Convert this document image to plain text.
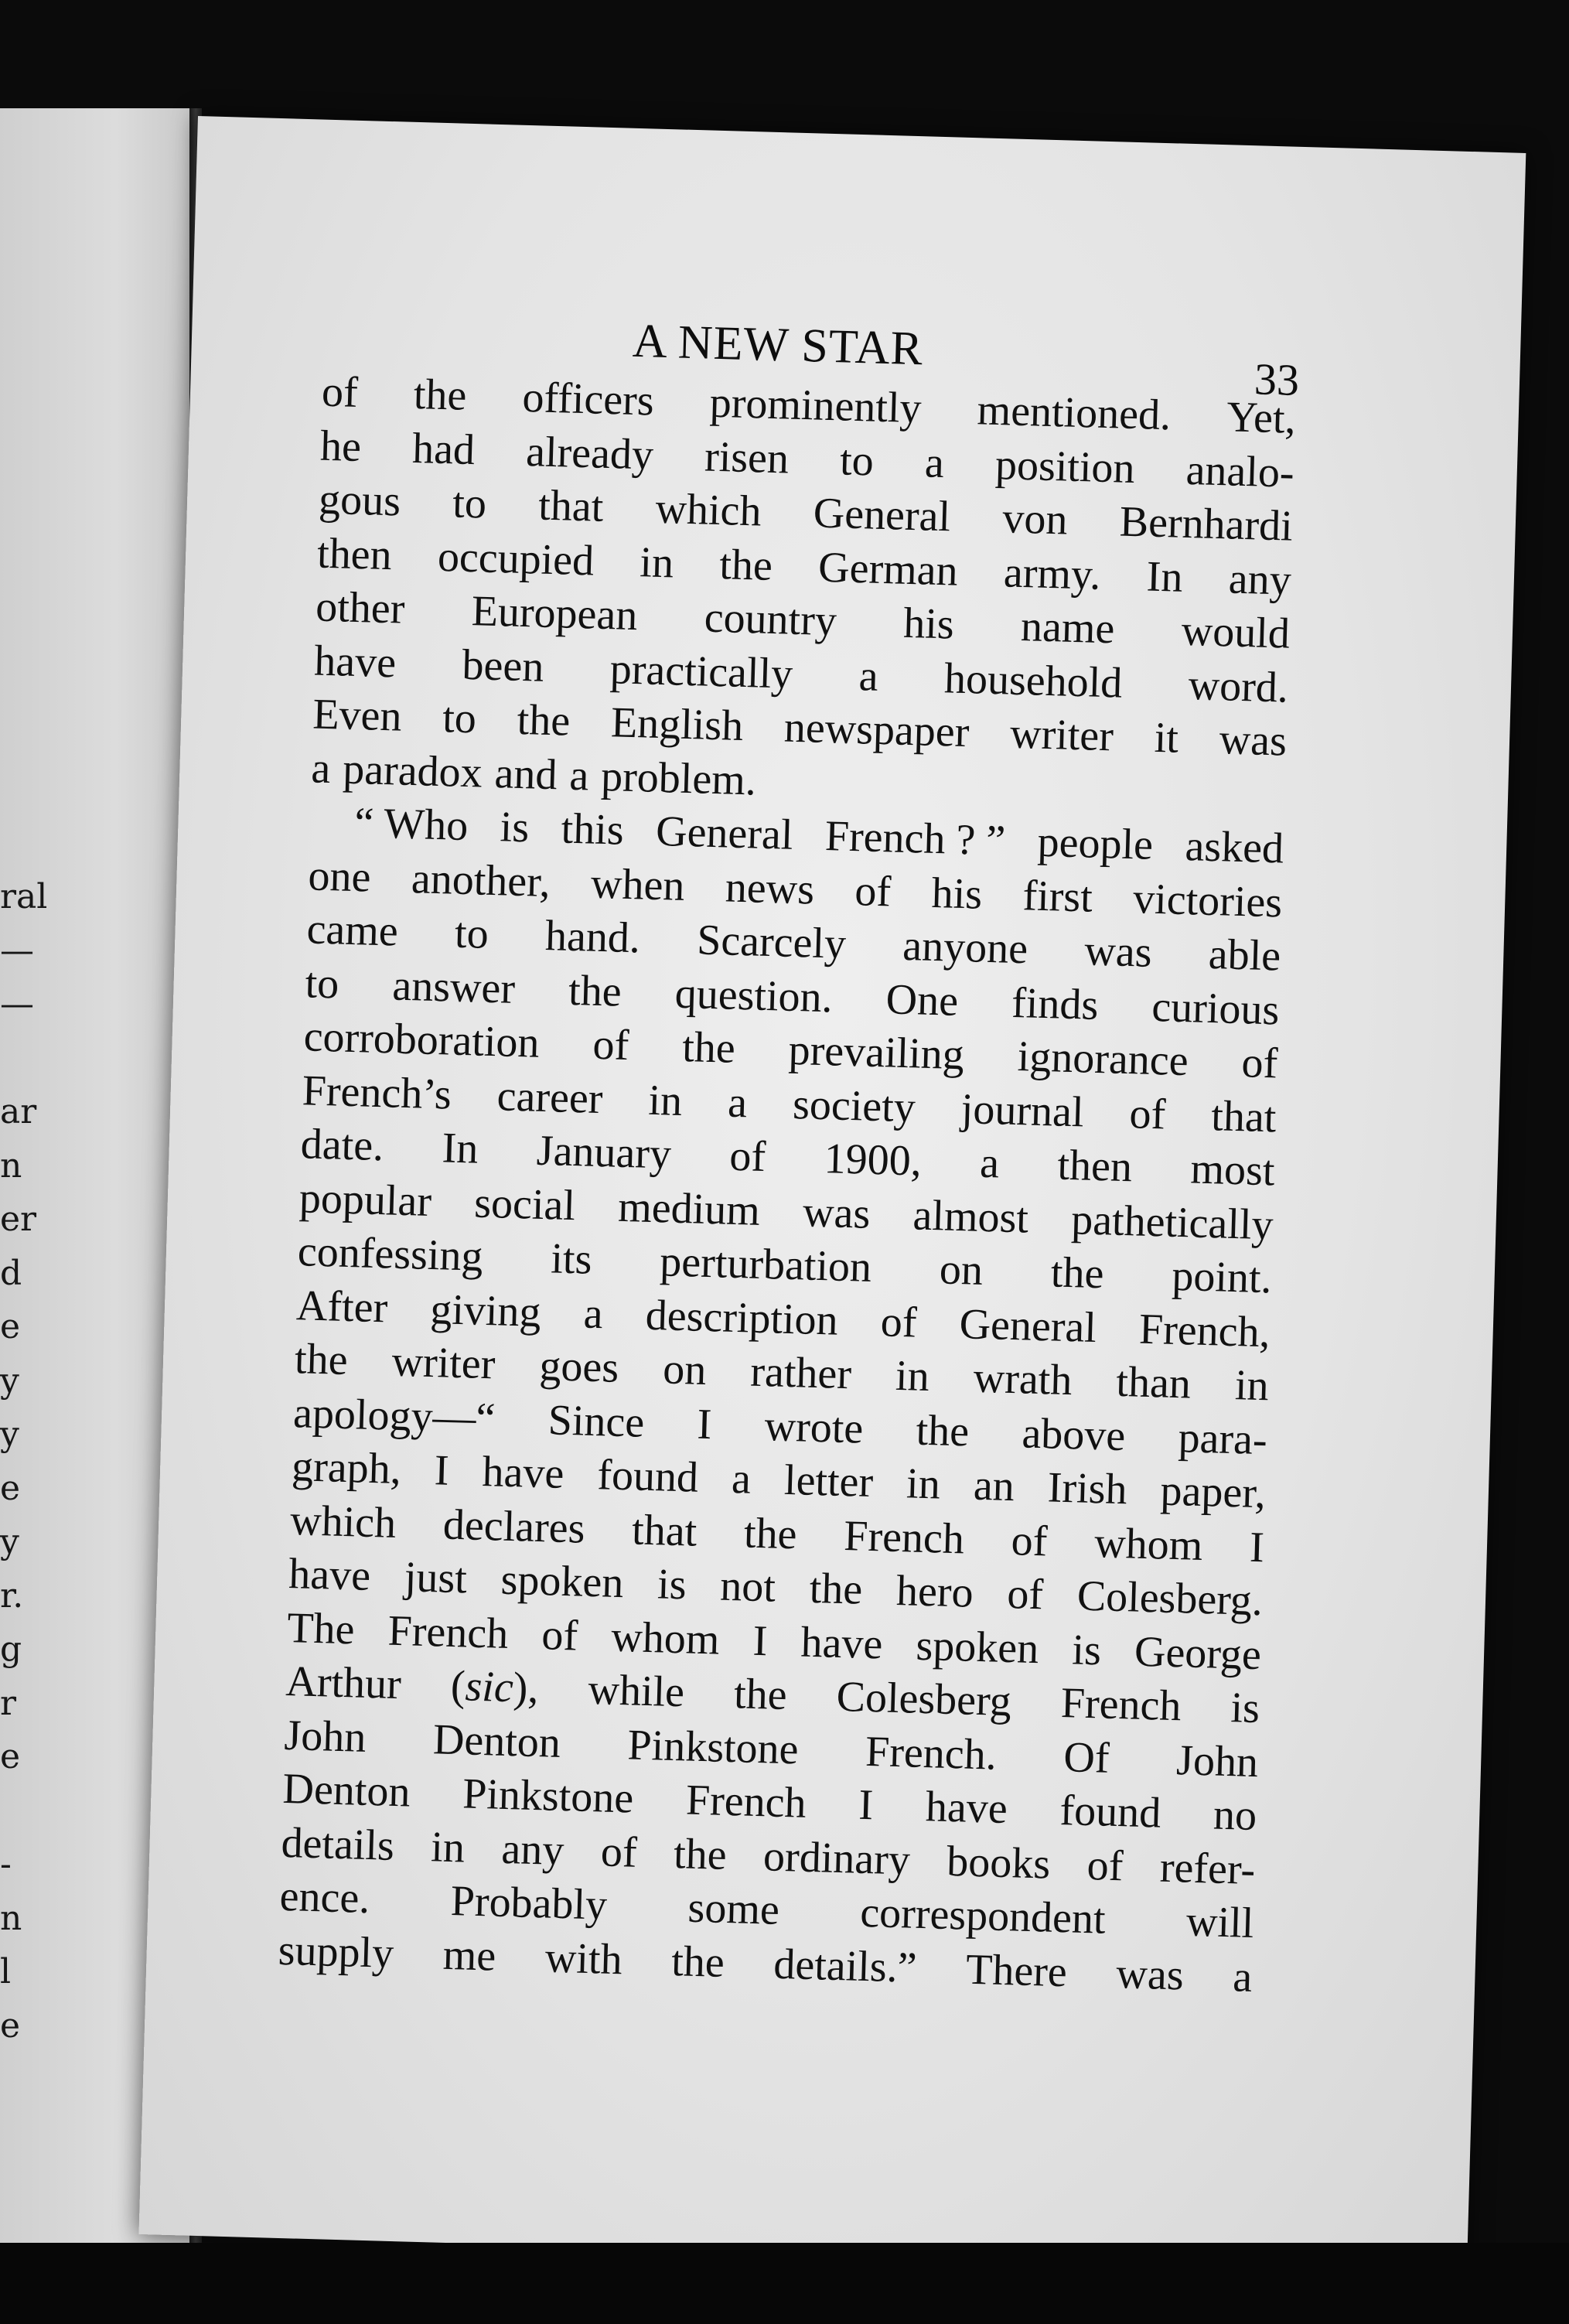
ral
—
—
ar
n
er
d
e
y
y
e
y
r.
g
r
e
-
n
l
e
A NEW STAR
33
of the officers prominently mentioned. Yet,
he had already risen to a position analo-
gous to that which General von Bernhardi
then occupied in the German army. In any
other European country his name would
have been practically a household word.
Even to the English newspaper writer it was
a paradox and a problem.
“ Who is this General French ? ” people asked
one another, when news of his first victories
came to hand. Scarcely anyone was able
to answer the question. One finds curious
corroboration of the prevailing ignorance of
French’s career in a society journal of that
date. In January of 1900, a then most
popular social medium was almost pathetically
confessing its perturbation on the point.
After giving a description of General French,
the writer goes on rather in wrath than in
apology—“ Since I wrote the above para-
graph, I have found a letter in an Irish paper,
which declares that the French of whom I
have just spoken is not the hero of Colesberg.
The French of whom I have spoken is George
Arthur (sic), while the Colesberg French is
John Denton Pinkstone French. Of John
Denton Pinkstone French I have found no
details in any of the ordinary books of refer-
ence. Probably some correspondent will
supply me with the details.” There was a
